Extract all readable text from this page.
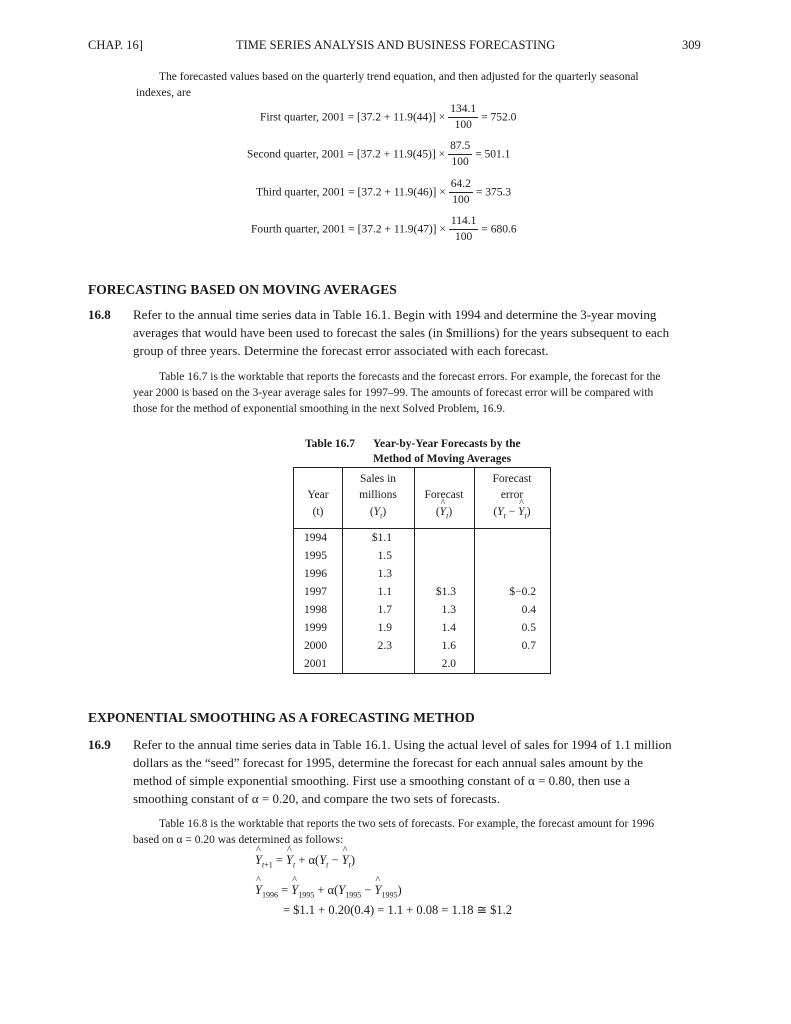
CHAP. 16]	TIME SERIES ANALYSIS AND BUSINESS FORECASTING	309
The forecasted values based on the quarterly trend equation, and then adjusted for the quarterly seasonal
indexes, are
First quarter, $2001 = [37.2 + 11.9(44)] \times \frac{134.1}{100} = 752.0$
Second quarter, $2001 = [37.2 + 11.9(45)] \times \frac{87.5}{100} = 501.1$
Third quarter, $2001 = [37.2 + 11.9(46)] \times \frac{64.2}{100} = 375.3$
Fourth quarter, $2001 = [37.2 + 11.9(47)] \times \frac{114.1}{100} = 680.6$
FORECASTING BASED ON MOVING AVERAGES
16.8 Refer to the annual time series data in Table 16.1. Begin with 1994 and determine the 3-year moving
averages that would have been used to forecast the sales (in $millions) for the years subsequent to each
group of three years. Determine the forecast error associated with each forecast.
Table 16.7 is the worktable that reports the forecasts and the forecast errors. For example, the forecast for the
year 2000 is based on the 3-year average sales for 1997–99. The amounts of forecast error will be compared with
those for the method of exponential smoothing in the next Solved Problem, 16.9.
Table 16.7 Year-by-Year Forecasts by the
Method of Moving Averages
Year
(t)
Sales in
millions
$(Y_t)$
Forecast
(^ $Y_t$)
Forecast
error
($Y_t$ − ^ $Y_t$)
1994
1995
1996
1997
1998
1999
2000
2001
$1.1
1.5
1.3
1.1
1.7
1.9
2.3
$1.3
1.3
1.4
1.6
2.0
$−0.2
0.4
0.5
0.7
EXPONENTIAL SMOOTHING AS A FORECASTING METHOD
16.9 Refer to the annual time series data in Table 16.1. Using the actual level of sales for 1994 of 1.1 million
dollars as the “seed” forecast for 1995, determine the forecast for each annual sales amount by the
method of simple exponential smoothing. First use a smoothing constant of α = 0.80, then use a
smoothing constant of α = 0.20, and compare the two sets of forecasts.
Table 16.8 is the worktable that reports the two sets of forecasts. For example, the forecast amount for 1996
based on α = 0.20 was determined as follows:
^ $Y_{t+1}$ = ^ $Y_t + \alpha(Y_t$ − ^ $Y_t$)
^ $Y_{1996}$ = ^ $Y_{1995} + \alpha(Y_{1995}$ − ^ $Y_{1995}$)
= $1.1 + 0.20(0.4) = 1.1 + 0.08 = 1.18 ≅ $1.2
